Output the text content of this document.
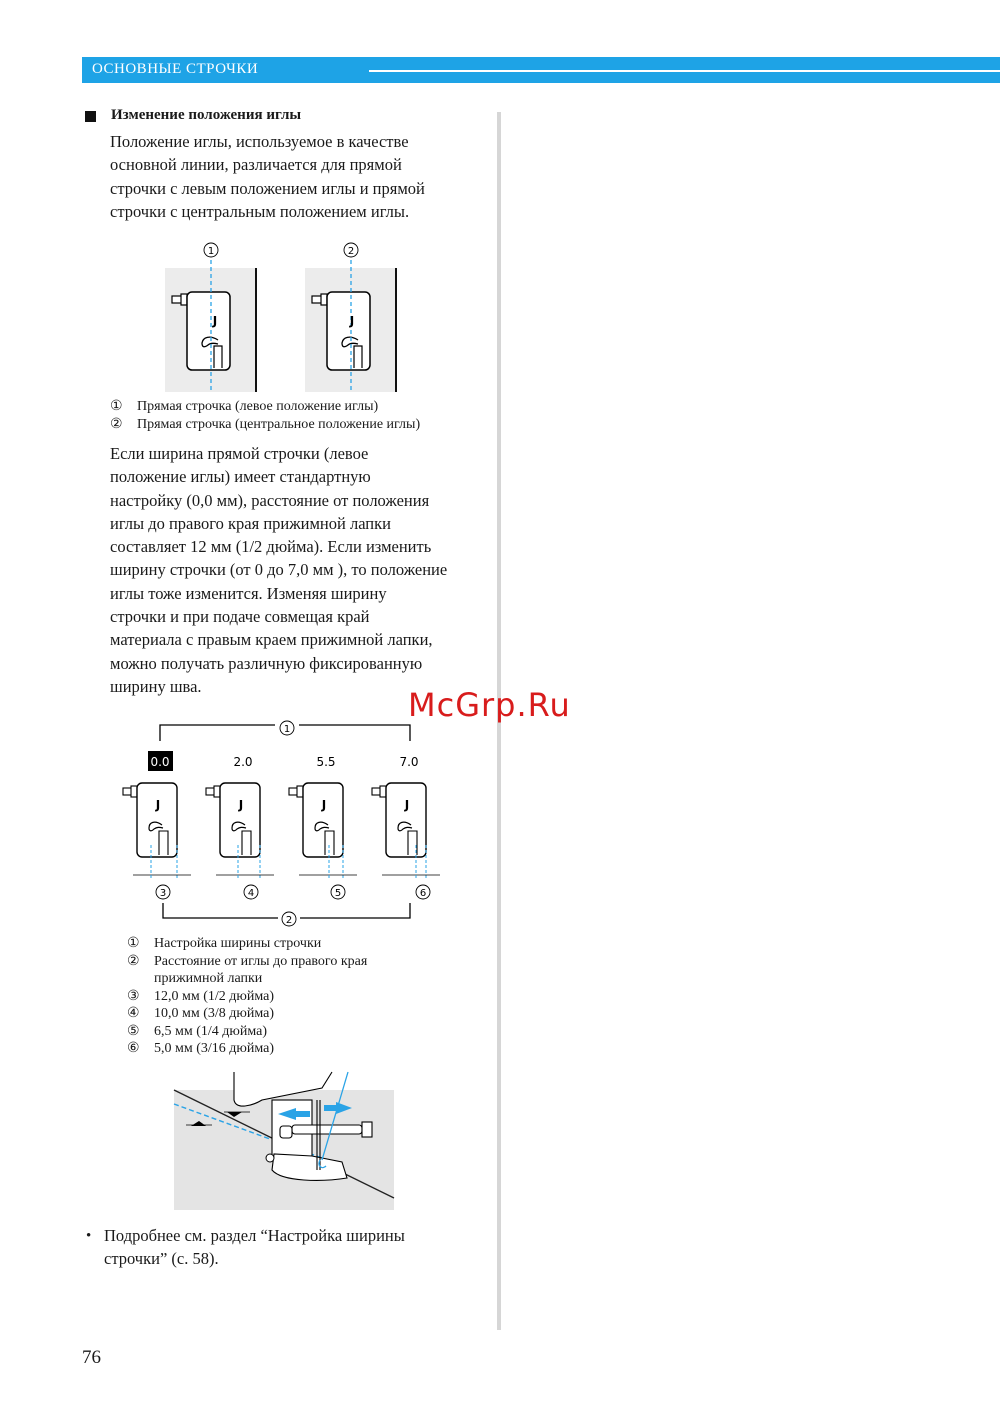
ОСНОВНЫЕ СТРОЧКИ
Изменение положения иглы

Положение иглы, используемое в качестве
основной линии, различается для прямой
строчки с левым положением иглы и прямой
строчки с центральным положением иглы.

1
J
2
J
①	Прямая строчка (левое положение иглы)
②	Прямая строчка (центральное положение иглы)

Если ширина прямой строчки (левое
положение иглы) имеет стандартную
настройку (0,0 мм), расстояние от положения
иглы до правого края прижимной лапки
составляет 12 мм (1/2 дюйма). Если изменить
ширину строчки (от 0 до 7,0 мм ), то положение
иглы тоже изменится. Изменяя ширину
строчки и при подаче совмещая край
материала с правым краем прижимной лапки,
можно получать различную фиксированную
ширину шва.

1
0.0
J
3
2.0
J
4
5.5
J
5
7.0
J
6
2
①	Настройка ширины строчки
②	Расстояние от иглы до правого края
прижимной лапки
③	12,0 мм (1/2 дюйма)
④	10,0 мм (3/8 дюйма)
⑤	6,5 мм (1/4 дюйма)
⑥	5,0 мм (3/16 дюйма)
• Подробнее см. раздел “Настройка ширины
строчки” (с. 58).
76
McGrp.Ru
